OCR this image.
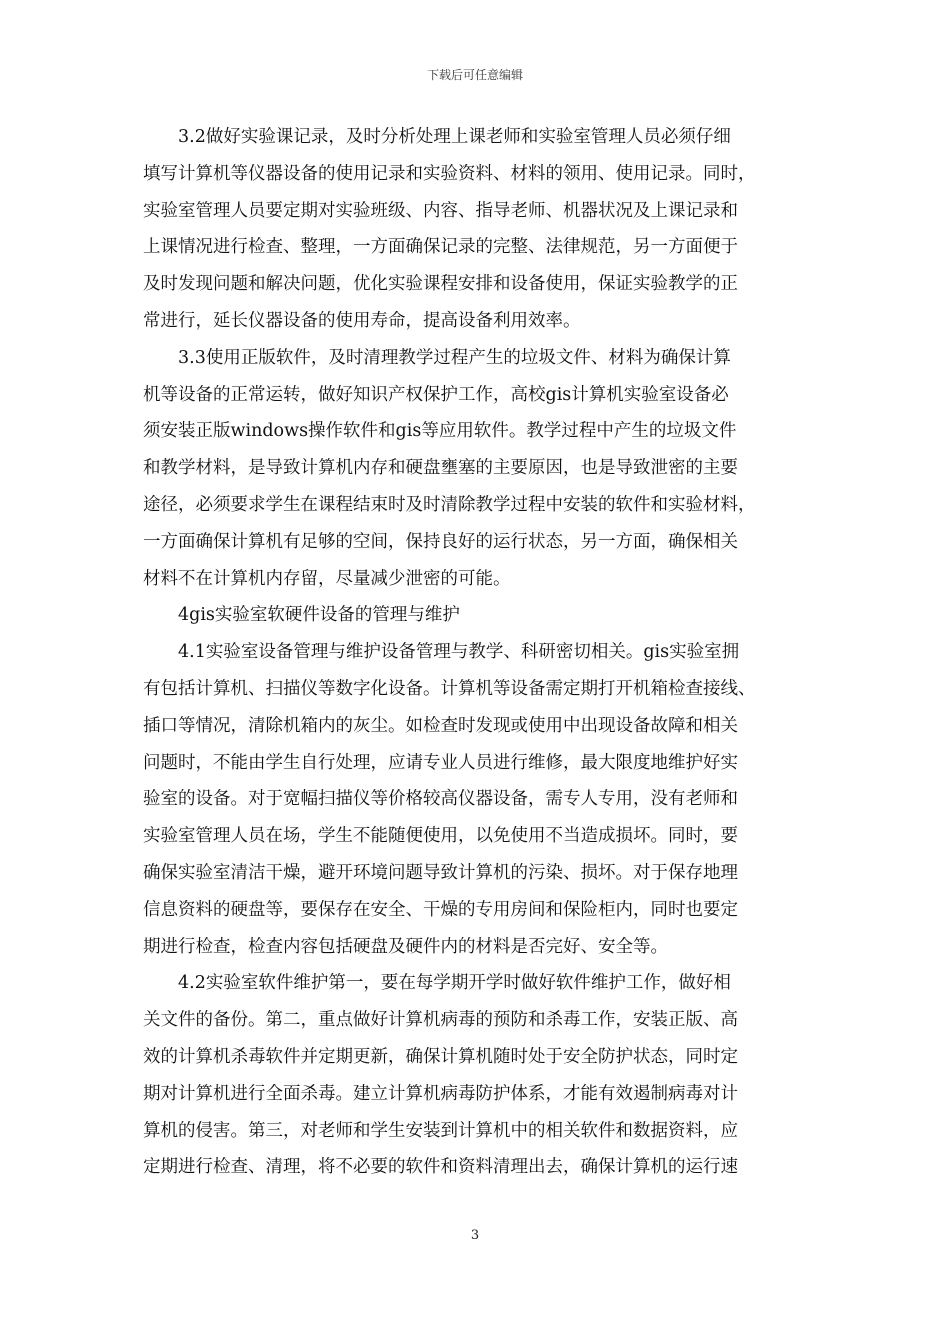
下载后可任意编辑

3.2做好实验课记录，及时分析处理上课老师和实验室管理人员必须仔细
填写计算机等仪器设备的使用记录和实验资料、材料的领用、使用记录。同时，
实验室管理人员要定期对实验班级、内容、指导老师、机器状况及上课记录和
上课情况进行检查、整理，一方面确保记录的完整、法律规范，另一方面便于
及时发现问题和解决问题，优化实验课程安排和设备使用，保证实验教学的正
常进行，延长仪器设备的使用寿命，提高设备利用效率。

3.3使用正版软件，及时清理教学过程产生的垃圾文件、材料为确保计算
机等设备的正常运转，做好知识产权保护工作，高校gis计算机实验室设备必
须安装正版windows操作软件和gis等应用软件。教学过程中产生的垃圾文件
和教学材料，是导致计算机内存和硬盘壅塞的主要原因，也是导致泄密的主要
途径，必须要求学生在课程结束时及时清除教学过程中安装的软件和实验材料，
一方面确保计算机有足够的空间，保持良好的运行状态，另一方面，确保相关
材料不在计算机内存留，尽量减少泄密的可能。

4gis实验室软硬件设备的管理与维护

4.1实验室设备管理与维护设备管理与教学、科研密切相关。gis实验室拥
有包括计算机、扫描仪等数字化设备。计算机等设备需定期打开机箱检查接线、
插口等情况，清除机箱内的灰尘。如检查时发现或使用中出现设备故障和相关
问题时，不能由学生自行处理，应请专业人员进行维修，最大限度地维护好实
验室的设备。对于宽幅扫描仪等价格较高仪器设备，需专人专用，没有老师和
实验室管理人员在场，学生不能随便使用，以免使用不当造成损坏。同时，要
确保实验室清洁干燥，避开环境问题导致计算机的污染、损坏。对于保存地理
信息资料的硬盘等，要保存在安全、干燥的专用房间和保险柜内，同时也要定
期进行检查，检查内容包括硬盘及硬件内的材料是否完好、安全等。

4.2实验室软件维护第一，要在每学期开学时做好软件维护工作，做好相
关文件的备份。第二，重点做好计算机病毒的预防和杀毒工作，安装正版、高
效的计算机杀毒软件并定期更新，确保计算机随时处于安全防护状态，同时定
期对计算机进行全面杀毒。建立计算机病毒防护体系，才能有效遏制病毒对计
算机的侵害。第三，对老师和学生安装到计算机中的相关软件和数据资料，应
定期进行检查、清理，将不必要的软件和资料清理出去，确保计算机的运行速

3
